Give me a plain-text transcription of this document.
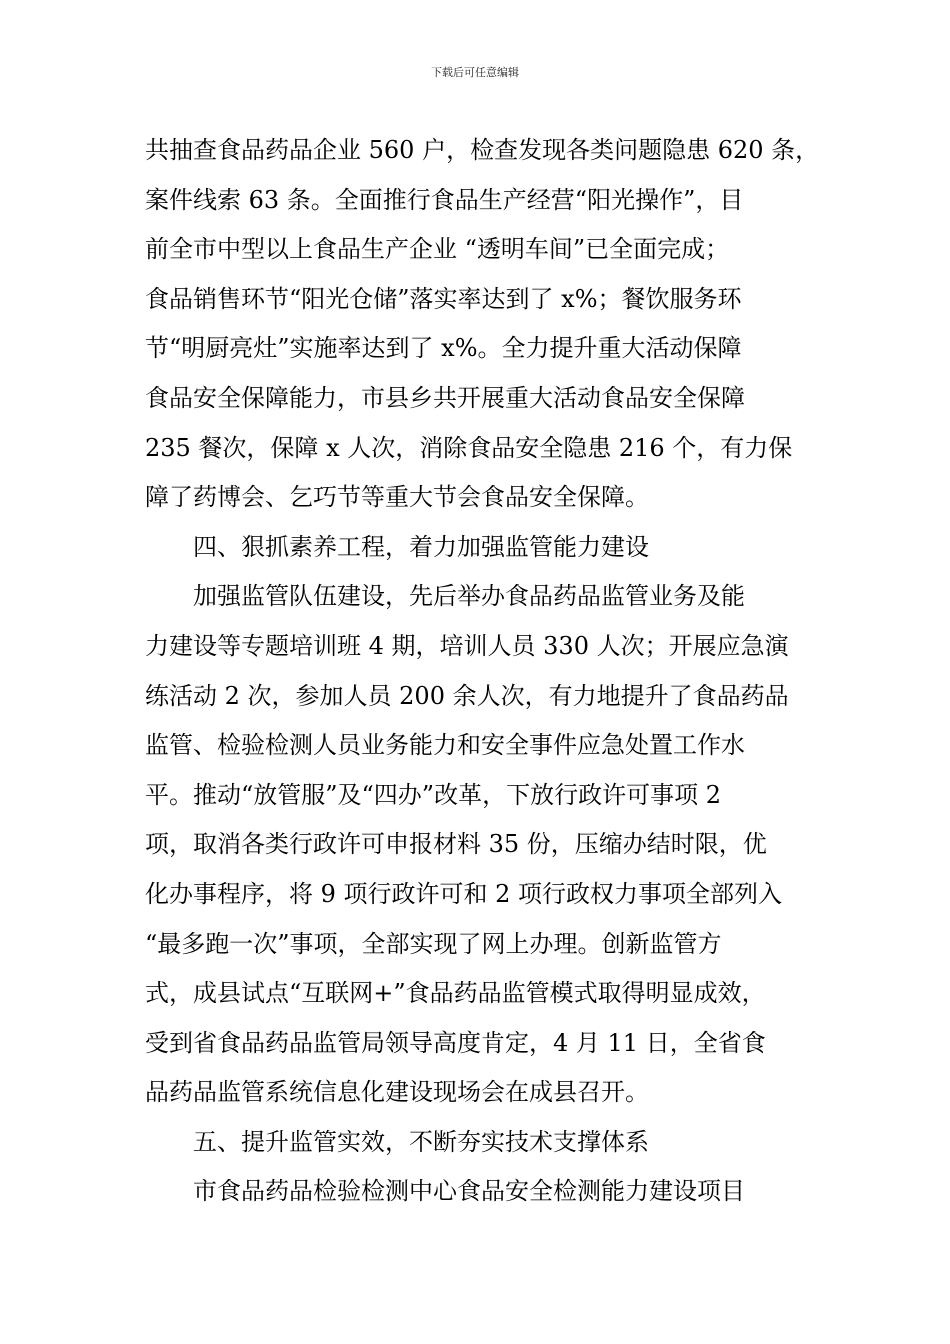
下载后可任意编辑
共抽查食品药品企业 560 户，检查发现各类问题隐患 620 条，
案件线索 63 条。全面推行食品生产经营“阳光操作”，目
前全市中型以上食品生产企业 “透明车间”已全面完成；
食品销售环节“阳光仓储”落实率达到了 x%；餐饮服务环
节“明厨亮灶”实施率达到了 x%。全力提升重大活动保障
食品安全保障能力，市县乡共开展重大活动食品安全保障
235 餐次，保障 x 人次，消除食品安全隐患 216 个，有力保
障了药博会、乞巧节等重大节会食品安全保障。
四、狠抓素养工程，着力加强监管能力建设
加强监管队伍建设，先后举办食品药品监管业务及能
力建设等专题培训班 4 期，培训人员 330 人次；开展应急演
练活动 2 次，参加人员 200 余人次，有力地提升了食品药品
监管、检验检测人员业务能力和安全事件应急处置工作水
平。推动“放管服”及“四办”改革，下放行政许可事项 2
项，取消各类行政许可申报材料 35 份，压缩办结时限，优
化办事程序，将 9 项行政许可和 2 项行政权力事项全部列入
“最多跑一次”事项，全部实现了网上办理。创新监管方
式，成县试点“互联网+”食品药品监管模式取得明显成效，
受到省食品药品监管局领导高度肯定，4 月 11 日，全省食
品药品监管系统信息化建设现场会在成县召开。
五、提升监管实效，不断夯实技术支撑体系
市食品药品检验检测中心食品安全检测能力建设项目
